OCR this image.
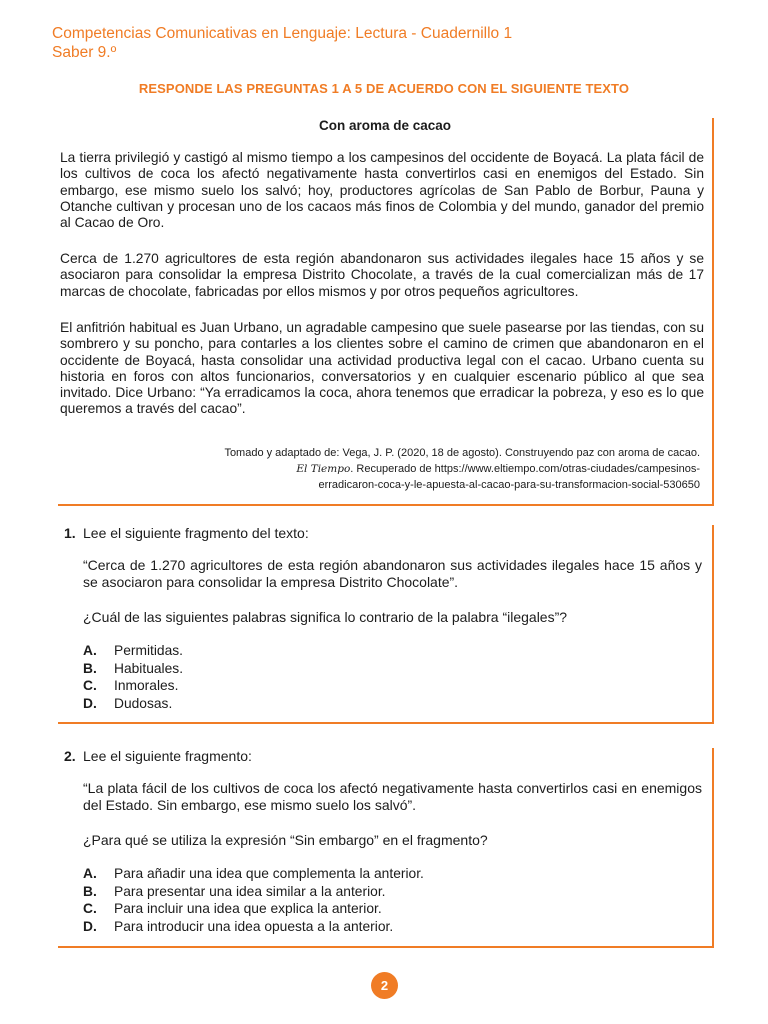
Competencias Comunicativas en Lenguaje: Lectura - Cuadernillo 1
Saber 9.º
RESPONDE LAS PREGUNTAS 1 A 5 DE ACUERDO CON EL SIGUIENTE TEXTO
Con aroma de cacao

La tierra privilegió y castigó al mismo tiempo a los campesinos del occidente de Boyacá. La plata fácil de los cultivos de coca los afectó negativamente hasta convertirlos casi en enemigos del Estado. Sin embargo, ese mismo suelo los salvó; hoy, productores agrícolas de San Pablo de Borbur, Pauna y Otanche cultivan y procesan uno de los cacaos más finos de Colombia y del mundo, ganador del premio al Cacao de Oro.

Cerca de 1.270 agricultores de esta región abandonaron sus actividades ilegales hace 15 años y se asociaron para consolidar la empresa Distrito Chocolate, a través de la cual comercializan más de 17 marcas de chocolate, fabricadas por ellos mismos y por otros pequeños agricultores.

El anfitrión habitual es Juan Urbano, un agradable campesino que suele pasearse por las tiendas, con su sombrero y su poncho, para contarles a los clientes sobre el camino de crimen que abandonaron en el occidente de Boyacá, hasta consolidar una actividad productiva legal con el cacao. Urbano cuenta su historia en foros con altos funcionarios, conversatorios y en cualquier escenario público al que sea invitado. Dice Urbano: “Ya erradicamos la coca, ahora tenemos que erradicar la pobreza, y eso es lo que queremos a través del cacao”.

Tomado y adaptado de: Vega, J. P. (2020, 18 de agosto). Construyendo paz con aroma de cacao.
El Tiempo. Recuperado de https://www.eltiempo.com/otras-ciudades/campesinos-
erradicaron-coca-y-le-apuesta-al-cacao-para-su-transformacion-social-530650
1. Lee el siguiente fragmento del texto:

“Cerca de 1.270 agricultores de esta región abandonaron sus actividades ilegales hace 15 años y se asociaron para consolidar la empresa Distrito Chocolate”.

¿Cuál de las siguientes palabras significa lo contrario de la palabra “ilegales”?

A. Permitidas.
B. Habituales.
C. Inmorales.
D. Dudosas.
2. Lee el siguiente fragmento:

“La plata fácil de los cultivos de coca los afectó negativamente hasta convertirlos casi en enemigos del Estado. Sin embargo, ese mismo suelo los salvó”.

¿Para qué se utiliza la expresión “Sin embargo” en el fragmento?

A. Para añadir una idea que complementa la anterior.
B. Para presentar una idea similar a la anterior.
C. Para incluir una idea que explica la anterior.
D. Para introducir una idea opuesta a la anterior.
2
